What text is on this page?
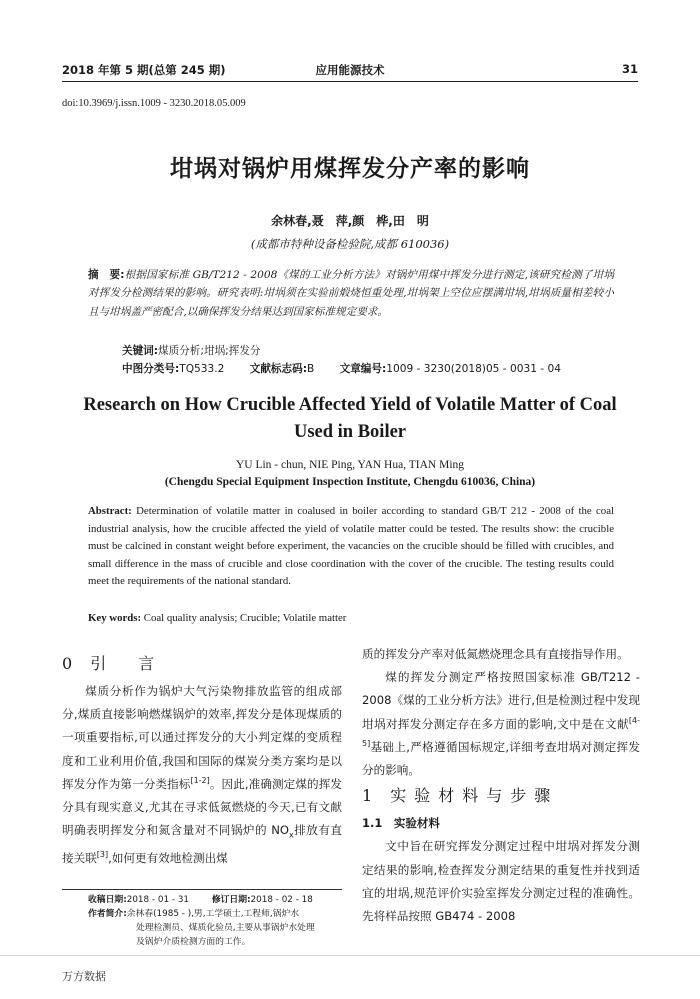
2018 年第 5 期(总第 245 期)	应用能源技术	31
doi:10.3969/j.issn.1009 - 3230.2018.05.009
坩埚对锅炉用煤挥发分产率的影响
余林春,聂　萍,颜　桦,田　明
(成都市特种设备检验院,成都 610036)
摘　要:根据国家标准 GB/T212 - 2008《煤的工业分析方法》对锅炉用煤中挥发分进行测定,该研究检测了坩埚对挥发分检测结果的影响。研究表明:坩埚须在实验前煅烧恒重处理,坩埚架上空位应摆满坩埚,坩埚质量相差较小且与坩埚盖严密配合,以确保挥发分结果达到国家标准规定要求。
关键词:煤质分析;坩埚;挥发分
中图分类号:TQ533.2 文献标志码:B 文章编号:1009 - 3230(2018)05 - 0031 - 04
Research on How Crucible Affected Yield of Volatile Matter of Coal Used in Boiler
YU Lin - chun, NIE Ping, YAN Hua, TIAN Ming
(Chengdu Special Equipment Inspection Institute, Chengdu 610036, China)
Abstract: Determination of volatile matter in coalused in boiler according to standard GB/T 212 - 2008 of the coal industrial analysis, how the crucible affected the yield of volatile matter could be tested. The results show: the crucible must be calcined in constant weight before experiment, the vacancies on the crucible should be filled with crucibles, and small difference in the mass of crucible and close coordination with the cover of the crucible. The testing results could meet the requirements of the national standard.
Key words: Coal quality analysis; Crucible; Volatile matter
0 引　言

煤质分析作为锅炉大气污染物排放监管的组成部分,煤质直接影响燃煤锅炉的效率,挥发分是体现煤质的一项重要指标,可以通过挥发分的大小判定煤的变质程度和工业利用价值,我国和国际的煤炭分类方案均是以挥发分作为第一分类指标[1-2]。因此,准确测定煤的挥发分具有现实意义,尤其在寻求低氮燃烧的今天,已有文献明确表明挥发分和氮含量对不同锅炉的 $NO_x$排放有直接关联[3],如何更有效地检测出煤

质的挥发分产率对低氮燃烧理念具有直接指导作用。

煤的挥发分测定严格按照国家标准 GB/T212 - 2008《煤的工业分析方法》进行,但是检测过程中发现坩埚对挥发分测定存在多方面的影响,文中是在文献[4-5]基础上,严格遵循国标规定,详细考查坩埚对测定挥发分的影响。

1 实验材料与步骤
1.1　实验材料

文中旨在研究挥发分测定过程中坩埚对挥发分测定结果的影响,检查挥发分测定结果的重复性并找到适宜的坩埚,规范评价实验室挥发分测定过程的准确性。先将样品按照 GB474 - 2008

收稿日期:2018 - 01 - 31	修订日期:2018 - 02 - 18
作者简介:余林春(1985 - ),男,工学硕士,工程师,锅炉水
处理检测员、煤质化验员,主要从事锅炉水处理
及锅炉介质检测方面的工作。
万方数据
